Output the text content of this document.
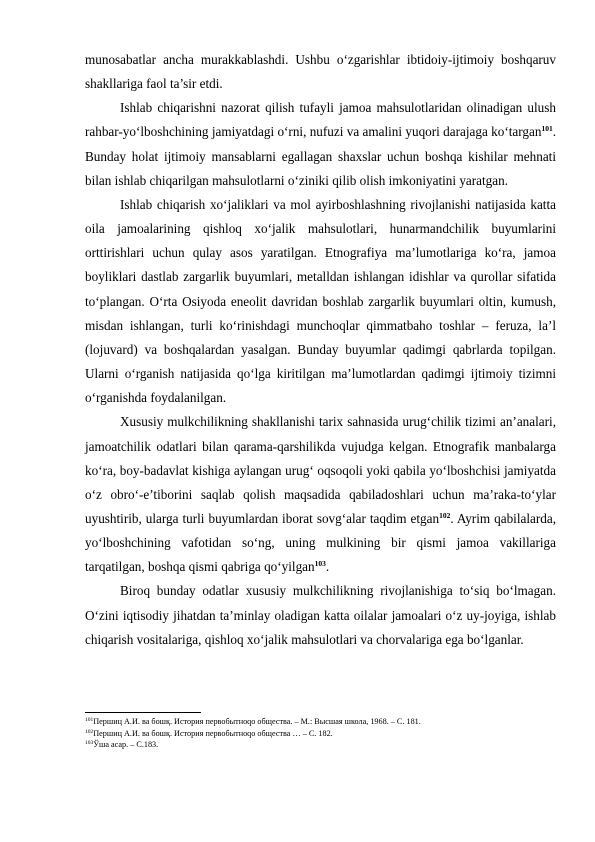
munosabatlar ancha murakkablashdi. Ushbu o‘zgarishlar ibtidoiy-ijtimoiy boshqaruv shakllariga faol ta’sir etdi.

Ishlab chiqarishni nazorat qilish tufayli jamoa mahsulotlaridan olinadigan ulush rahbar-yo‘lboshchining jamiyatdagi o‘rni, nufuzi va amalini yuqori darajaga ko‘targan$^{101}$. Bunday holat ijtimoiy mansablarni egallagan shaxslar uchun boshqa kishilar mehnati bilan ishlab chiqarilgan mahsulotlarni o‘ziniki qilib olish imkoniyatini yaratgan.

Ishlab chiqarish xo‘jaliklari va mol ayirboshlashning rivojlanishi natijasida katta oila jamoalarining qishloq xo‘jalik mahsulotlari, hunarmandchilik buyumlarini orttirishlari uchun qulay asos yaratilgan. Etnografiya ma’lumotlariga ko‘ra, jamoa boyliklari dastlab zargarlik buyumlari, metalldan ishlangan idishlar va qurollar sifatida to‘plangan. O‘rta Osiyoda eneolit davridan boshlab zargarlik buyumlari oltin, kumush, misdan ishlangan, turli ko‘rinishdagi munchoqlar qimmatbaho toshlar – feruza, la’l (lojuvard) va boshqalardan yasalgan. Bunday buyumlar qadimgi qabrlarda topilgan. Ularni o‘rganish natijasida qo‘lga kiritilgan ma’lumotlardan qadimgi ijtimoiy tizimni o‘rganishda foydalanilgan.

Xususiy mulkchilikning shakllanishi tarix sahnasida urug‘chilik tizimi an’analari, jamoatchilik odatlari bilan qarama-qarshilikda vujudga kelgan. Etnografik manbalarga ko‘ra, boy-badavlat kishiga aylangan urug‘ oqsoqoli yoki qabila yo‘lboshchisi jamiyatda o‘z obro‘-e’tiborini saqlab qolish maqsadida qabiladoshlari uchun ma’raka-to‘ylar uyushtirib, ularga turli buyumlardan iborat sovg‘alar taqdim etgan$^{102}$. Ayrim qabilalarda, yo‘lboshchining vafotidan so‘ng, uning mulkining bir qismi jamoa vakillariga tarqatilgan, boshqa qismi qabriga qo‘yilgan$^{103}$.

Biroq bunday odatlar xususiy mulkchilikning rivojlanishiga to‘siq bo‘lmagan. O‘zini iqtisodiy jihatdan ta’minlay oladigan katta oilalar jamoalari o‘z uy-joyiga, ishlab chiqarish vositalariga, qishloq xo‘jalik mahsulotlari va chorvalariga ega bo‘lganlar.

$^{101}$Першиц А.И. ва бошқ. История первобытноqо общества. – М.: Высшая школа, 1968. – С. 181.

$^{102}$Першиц А.И. ва бошқ. История первобытноqо общества … – С. 182.

$^{103}$Ўша асар. – С.183.
